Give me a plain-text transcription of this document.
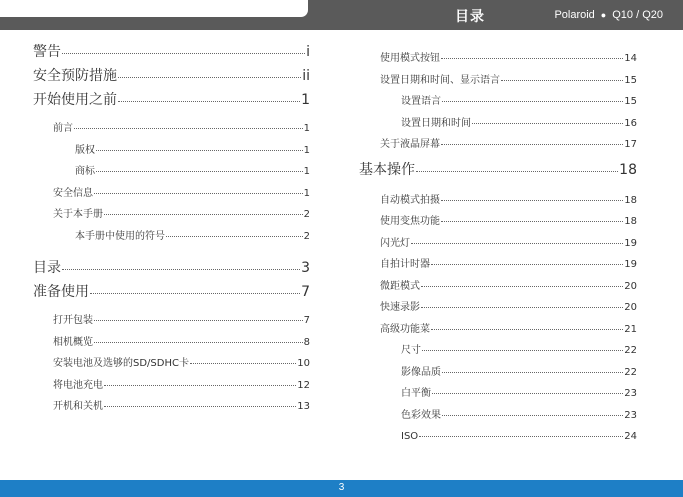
目录	Polaroid ● Q10 / Q20
警告	i
安全预防措施	ii
开始使用之前	1
前言	1
版权	1
商标	1
安全信息	1
关于本手册	2
本手册中使用的符号	2
目录	3
准备使用	7
打开包装	7
相机概览	8
安装电池及选够的SD/SDHC卡	10
将电池充电	12
开机和关机	13
使用模式按钮	14
设置日期和时间、显示语言	15
设置语言	15
设置日期和时间	16
关于液晶屏幕	17
基本操作	18
自动模式拍摄	18
使用变焦功能	18
闪光灯	19
自拍计时器	19
微距模式	20
快速录影	20
高级功能菜	21
尺寸	22
影像品质	22
白平衡	23
色彩效果	23
ISO	24
3
